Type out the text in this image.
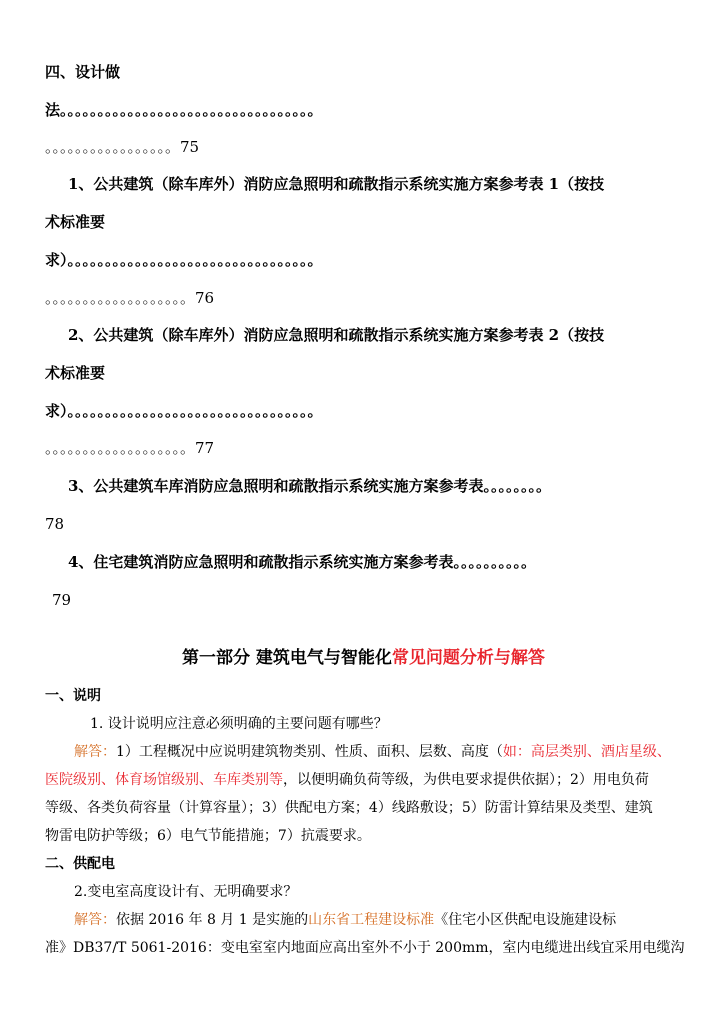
四、设计做
法。。。。。。。。。。。。。。。。。。。。。。。。。。。。。。。。。。
。。。。。。。。。。。。。。。。。75
1、公共建筑（除车库外）消防应急照明和疏散指示系统实施方案参考表 1（按技
术标准要
求）。。。。。。。。。。。。。。。。。。。。。。。。。。。。。。。。。
。。。。。。。。。。。。。。。。。。。76
2、公共建筑（除车库外）消防应急照明和疏散指示系统实施方案参考表 2（按技
术标准要
求）。。。。。。。。。。。。。。。。。。。。。。。。。。。。。。。。。
。。。。。。。。。。。。。。。。。。。77
3、公共建筑车库消防应急照明和疏散指示系统实施方案参考表。。。。。。。。
78
4、住宅建筑消防应急照明和疏散指示系统实施方案参考表。。。。。。。。。。
79
第一部分 建筑电气与智能化常见问题分析与解答
一、说明
1. 设计说明应注意必须明确的主要问题有哪些？
解答：1）工程概况中应说明建筑物类别、性质、面积、层数、高度（如：高层类别、酒店星级、
医院级别、体育场馆级别、车库类别等，以便明确负荷等级，为供电要求提供依据）；2）用电负荷
等级、各类负荷容量（计算容量）；3）供配电方案；4）线路敷设；5）防雷计算结果及类型、建筑
物雷电防护等级；6）电气节能措施；7）抗震要求。
二、供配电
2.变电室高度设计有、无明确要求？
解答：依据 2016 年 8 月 1 是实施的山东省工程建设标准《住宅小区供配电设施建设标
准》DB37/T 5061-2016：变电室室内地面应高出室外不小于 200mm，室内电缆进出线宜采用电缆沟
